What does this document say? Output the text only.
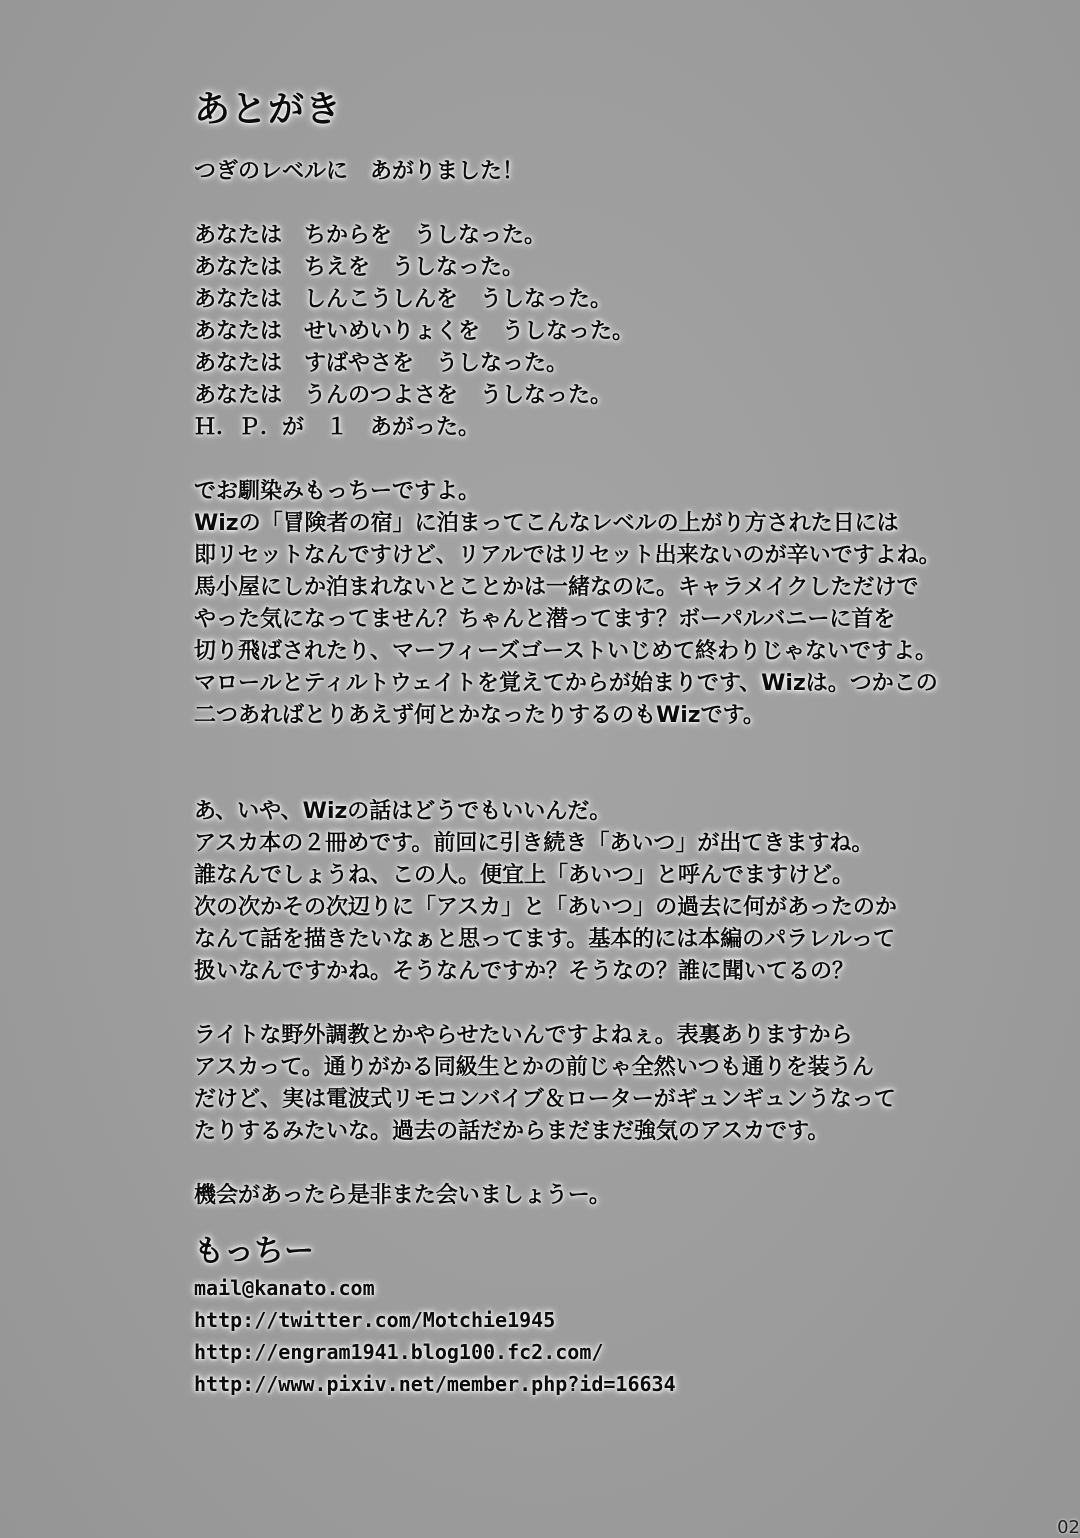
あとがき
つぎのレベルに　あがりました！
あなたは　ちからを　うしなった。
あなたは　ちえを　うしなった。
あなたは　しんこうしんを　うしなった。
あなたは　せいめいりょくを　うしなった。
あなたは　すばやさを　うしなった。
あなたは　うんのつよさを　うしなった。
Ｈ．Ｐ．が　１　あがった。
でお馴染みもっちーですよ。
Wizの「冒険者の宿」に泊まってこんなレベルの上がり方された日には
即リセットなんですけど、リアルではリセット出来ないのが辛いですよね。
馬小屋にしか泊まれないとことかは一緒なのに。キャラメイクしただけで
やった気になってません？ちゃんと潜ってます？ボーパルバニーに首を
切り飛ばされたり、マーフィーズゴーストいじめて終わりじゃないですよ。
マロールとティルトウェイトを覚えてからが始まりです、Wizは。つかこの
二つあればとりあえず何とかなったりするのもWizです。
あ、いや、Wizの話はどうでもいいんだ。
アスカ本の２冊めです。前回に引き続き「あいつ」が出てきますね。
誰なんでしょうね、この人。便宜上「あいつ」と呼んでますけど。
次の次かその次辺りに「アスカ」と「あいつ」の過去に何があったのか
なんて話を描きたいなぁと思ってます。基本的には本編のパラレルって
扱いなんですかね。そうなんですか？そうなの？誰に聞いてるの？
ライトな野外調教とかやらせたいんですよねぇ。表裏ありますから
アスカって。通りがかる同級生とかの前じゃ全然いつも通りを装うん
だけど、実は電波式リモコンバイブ＆ローターがギュンギュンうなって
たりするみたいな。過去の話だからまだまだ強気のアスカです。
機会があったら是非また会いましょうー。
もっちー
mail@kanato.com
http://twitter.com/Motchie1945
http://engram1941.blog100.fc2.com/
http://www.pixiv.net/member.php?id=16634
02
